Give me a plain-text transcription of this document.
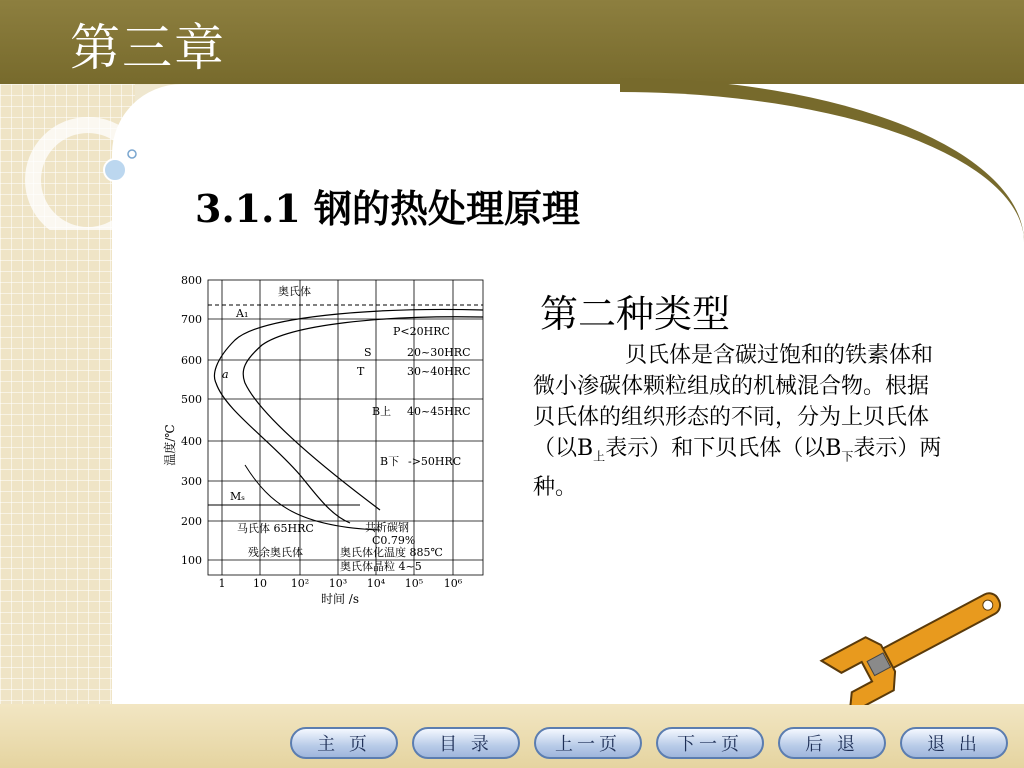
第三章
3.1.1 钢的热处理原理
800
700
600
500
400
300
200
100
1	10 10² 10³ 10⁴ 10⁵ 10⁶
时间 /s
温度/℃
奥氏体
A₁
a
P<20HRC
S	20~30HRC
T	30~40HRC
B上 40~45HRC
B下 ->50HRC
Mₛ
马氏体 65HRC	共析碳钢
C0.79%
残余奥氏体	奥氏体化温度 885℃
奥氏体晶粒 4~5
第二种类型
贝氏体是含碳过饱和的铁素体和微小渗碳体颗粒组成的机械混合物。根据贝氏体的组织形态的不同，分为上贝氏体（以$B_上$表示）和下贝氏体（以$B_下$表示）两种。
主 页	目 录	上一页	下一页	后 退	退 出
